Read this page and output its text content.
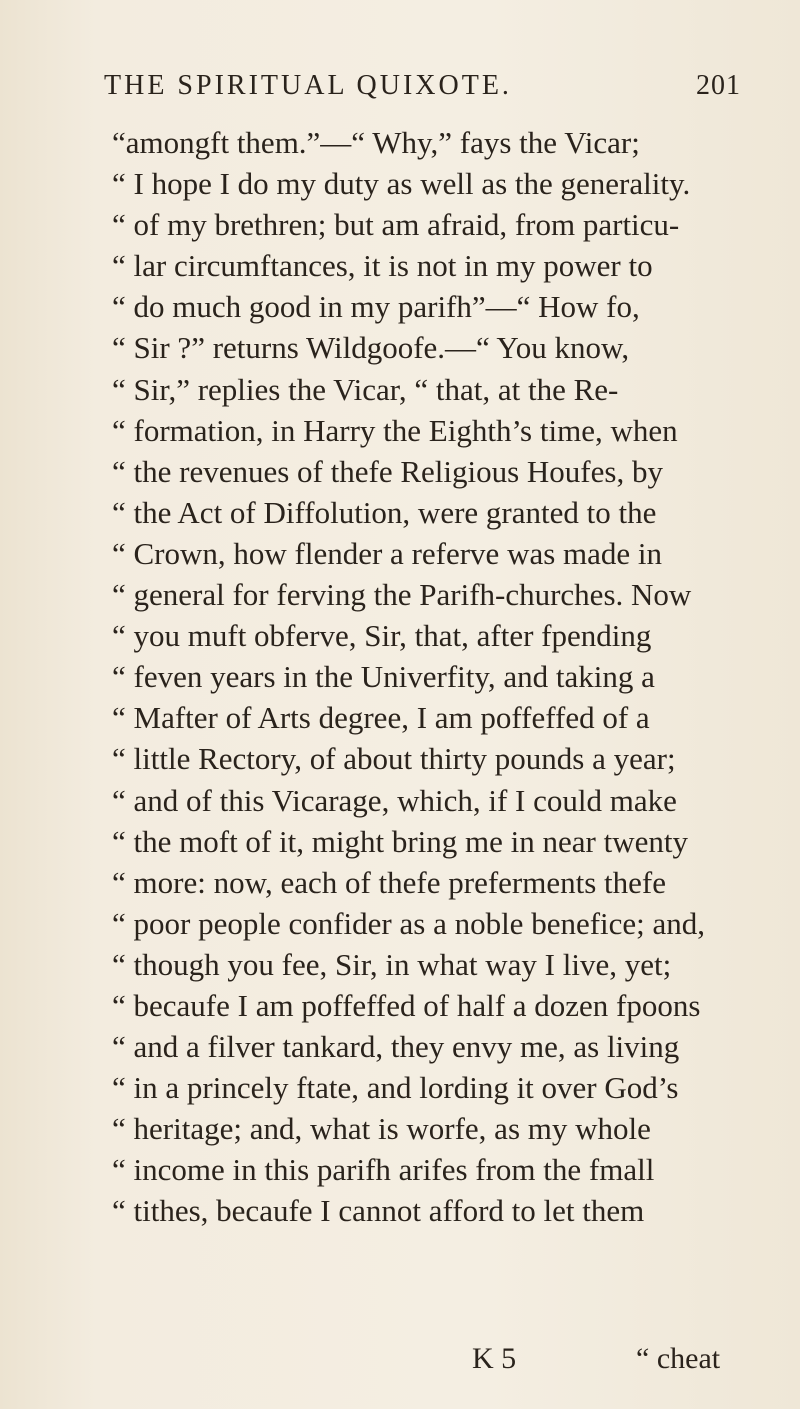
THE SPIRITUAL QUIXOTE.	201
“amongft them.”—“ Why,” fays the Vicar;
“ I hope I do my duty as well as the generality.
“ of my brethren; but am afraid, from particu-
“ lar circumftances, it is not in my power to
“ do much good in my parifh”—“ How fo,
“ Sir ?” returns Wildgoofe.—“ You know,
“ Sir,” replies the Vicar, “ that, at the Re-
“ formation, in Harry the Eighth’s time, when
“ the revenues of thefe Religious Houfes, by
“ the Act of Diffolution, were granted to the
“ Crown, how flender a referve was made in
“ general for ferving the Parifh-churches. Now
“ you muft obferve, Sir, that, after fpending
“ feven years in the Univerfity, and taking a
“ Mafter of Arts degree, I am poffeffed of a
“ little Rectory, of about thirty pounds a year;
“ and of this Vicarage, which, if I could make
“ the moft of it, might bring me in near twenty
“ more: now, each of thefe preferments thefe
“ poor people confider as a noble benefice; and,
“ though you fee, Sir, in what way I live, yet;
“ becaufe I am poffeffed of half a dozen fpoons
“ and a filver tankard, they envy me, as living
“ in a princely ftate, and lording it over God’s
“ heritage; and, what is worfe, as my whole
“ income in this parifh arifes from the fmall
“ tithes, becaufe I cannot afford to let them
K 5	“ cheat
